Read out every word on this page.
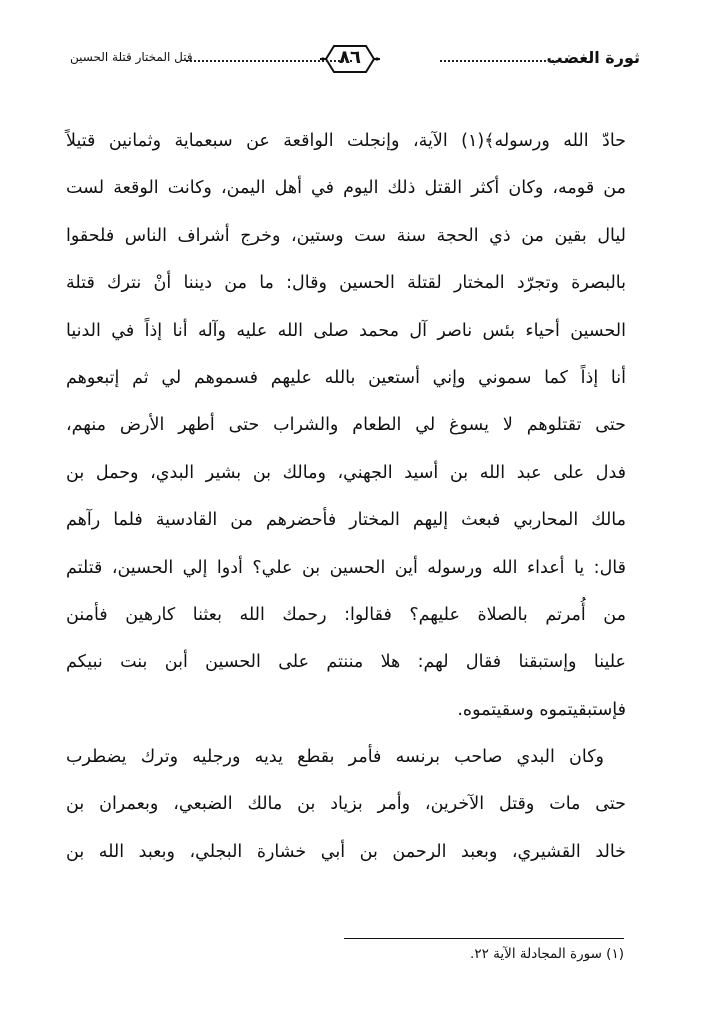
ثورة الغضب
٨٦
قتل المختار قتلة الحسين
حادّ الله ورسوله﴾(١) الآية، وإنجلت الواقعة عن سبعماية وثمانين قتيلاً
من قومه، وكان أكثر القتل ذلك اليوم في أهل اليمن، وكانت الوقعة لست
ليال بقين من ذي الحجة سنة ست وستين، وخرج أشراف الناس فلحقوا
بالبصرة وتجرّد المختار لقتلة الحسين وقال: ما من ديننا أنْ نترك قتلة
الحسين أحياء بئس ناصر آل محمد صلى الله عليه وآله أنا إذاً في الدنيا
أنا إذاً كما سموني وإني أستعين بالله عليهم فسموهم لي ثم إتبعوهم
حتى تقتلوهم لا يسوغ لي الطعام والشراب حتى أطهر الأرض منهم،
فدل على عبد الله بن أسيد الجهني، ومالك بن بشير البدي، وحمل بن
مالك المحاربي فبعث إليهم المختار فأحضرهم من القادسية فلما رآهم
قال: يا أعداء الله ورسوله أين الحسين بن علي؟ أدوا إلي الحسين، قتلتم
من أُمرتم بالصلاة عليهم؟ فقالوا: رحمك الله بعثنا كارهين فأمنن
علينا وإستبقنا فقال لهم: هلا مننتم على الحسين أبن بنت نبيكم
فإستبقيتموه وسقيتموه.
وكان البدي صاحب برنسه فأمر بقطع يديه ورجليه وترك يضطرب
حتى مات وقتل الآخرين، وأمر بزياد بن مالك الضبعي، وبعمران بن
خالد القشيري، وبعبد الرحمن بن أبي خشارة البجلي، وبعبد الله بن
(١) سورة المجادلة الآية ٢٢.
